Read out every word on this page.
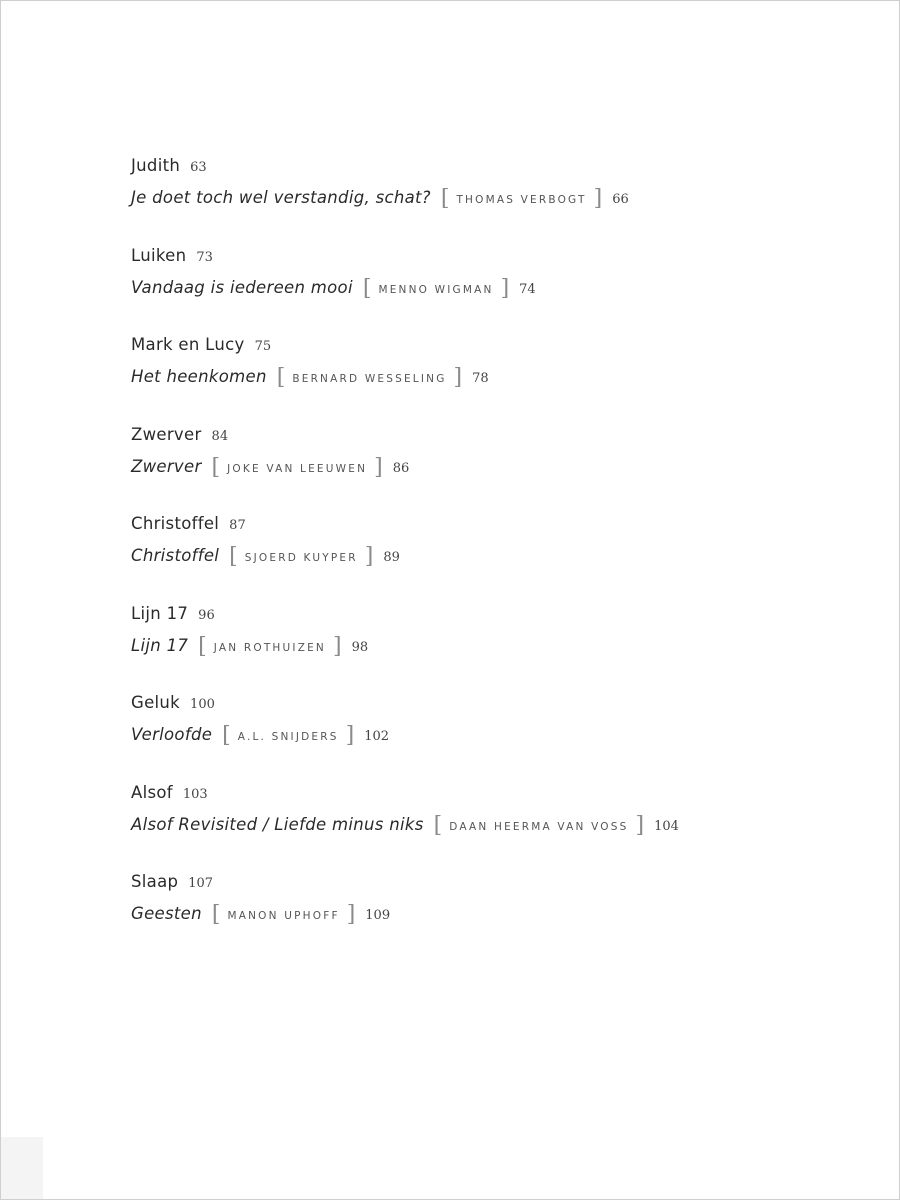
Judith 63
Je doet toch wel verstandig, schat? [ THOMAS VERBOGT ] 66
Luiken 73
Vandaag is iedereen mooi [ MENNO WIGMAN ] 74
Mark en Lucy 75
Het heenkomen [ BERNARD WESSELING ] 78
Zwerver 84
Zwerver [ JOKE VAN LEEUWEN ] 86
Christoffel 87
Christoffel [ SJOERD KUYPER ] 89
Lijn 17 96
Lijn 17 [ JAN ROTHUIZEN ] 98
Geluk 100
Verloofde [ A.L. SNIJDERS ] 102
Alsof 103
Alsof Revisited / Liefde minus niks [ DAAN HEERMA VAN VOSS ] 104
Slaap 107
Geesten [ MANON UPHOFF ] 109
